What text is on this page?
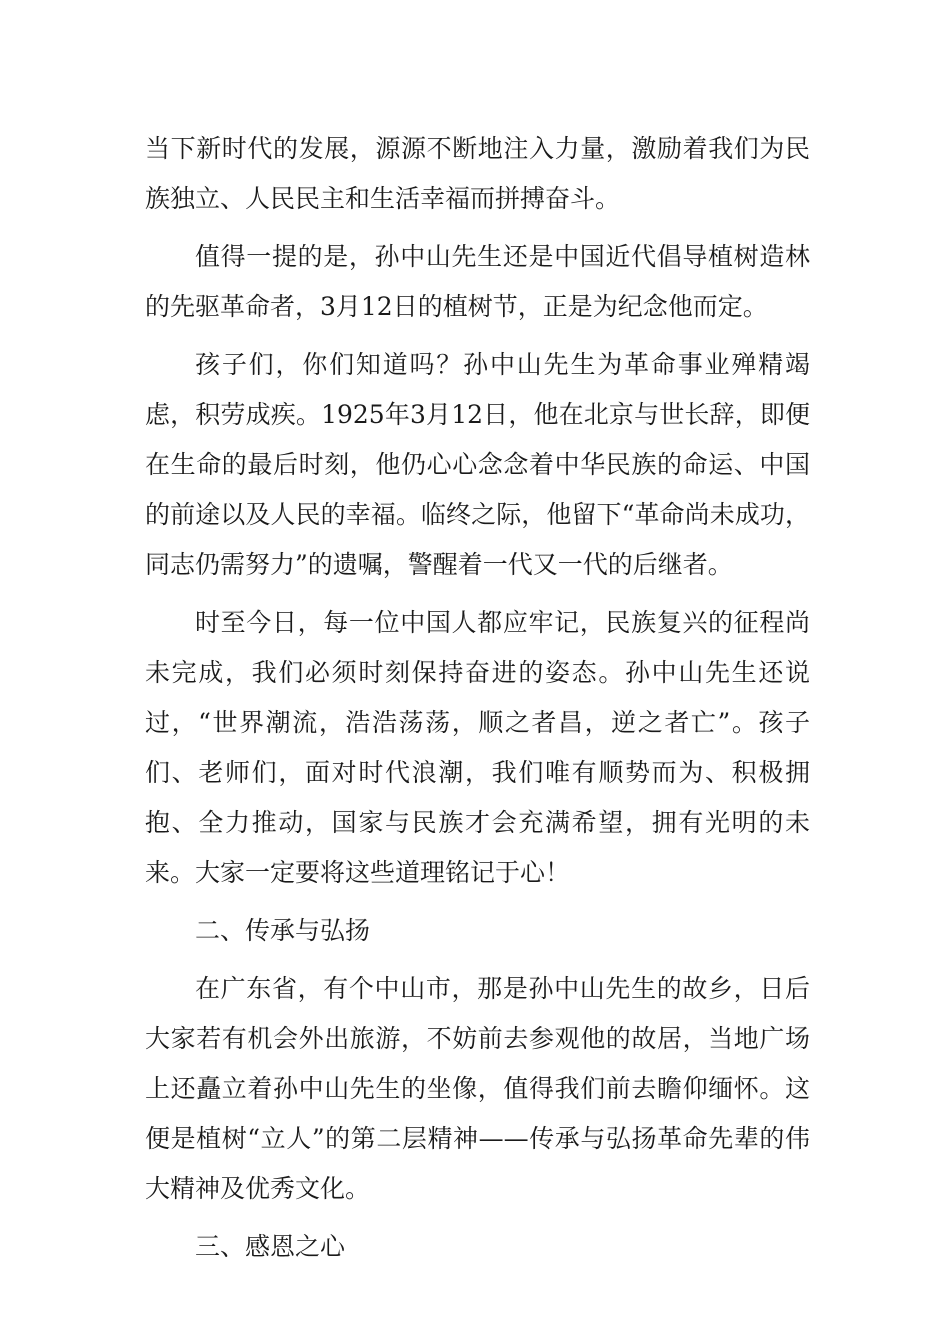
当下新时代的发展，源源不断地注入力量，激励着我们为民族独立、人民民主和生活幸福而拼搏奋斗。

值得一提的是，孙中山先生还是中国近代倡导植树造林的先驱革命者，3月12日的植树节，正是为纪念他而定。

孩子们，你们知道吗？孙中山先生为革命事业殚精竭虑，积劳成疾。1925年3月12日，他在北京与世长辞，即便在生命的最后时刻，他仍心心念念着中华民族的命运、中国的前途以及人民的幸福。临终之际，他留下“革命尚未成功，同志仍需努力”的遗嘱，警醒着一代又一代的后继者。

时至今日，每一位中国人都应牢记，民族复兴的征程尚未完成，我们必须时刻保持奋进的姿态。孙中山先生还说过，“世界潮流，浩浩荡荡，顺之者昌，逆之者亡”。孩子们、老师们，面对时代浪潮，我们唯有顺势而为、积极拥抱、全力推动，国家与民族才会充满希望，拥有光明的未来。大家一定要将这些道理铭记于心！

二、传承与弘扬

在广东省，有个中山市，那是孙中山先生的故乡，日后大家若有机会外出旅游，不妨前去参观他的故居，当地广场上还矗立着孙中山先生的坐像，值得我们前去瞻仰缅怀。这便是植树“立人”的第二层精神——传承与弘扬革命先辈的伟大精神及优秀文化。

三、感恩之心
